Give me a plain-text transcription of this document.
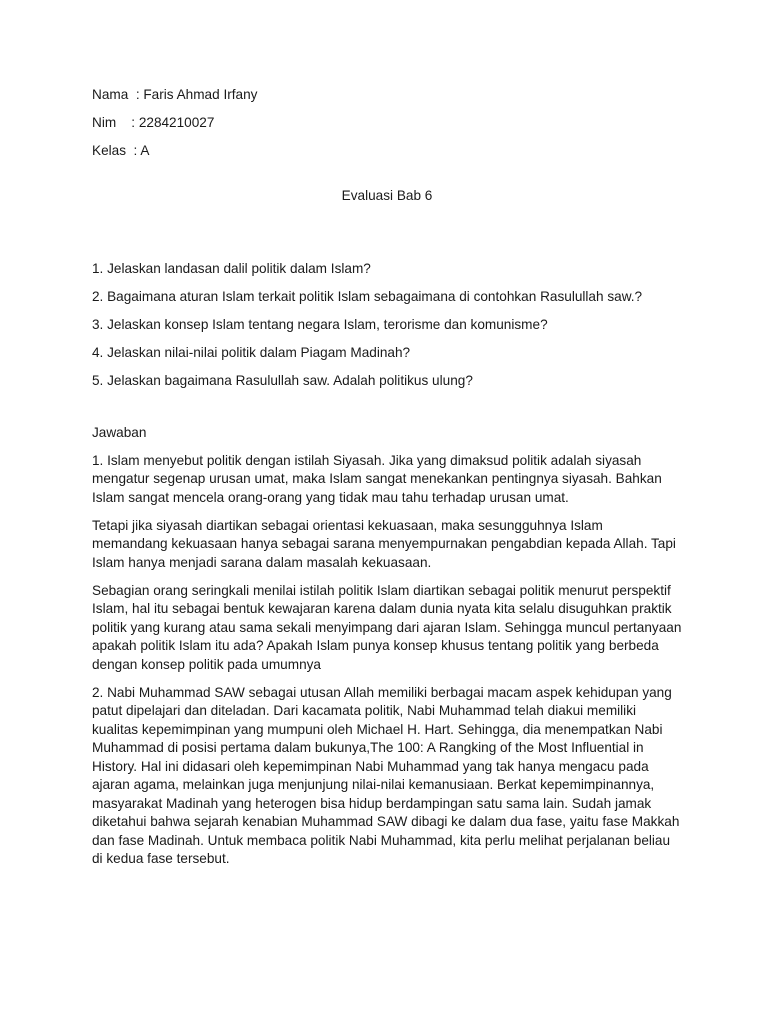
Nama  : Faris Ahmad Irfany
Nim    : 2284210027
Kelas  : A
Evaluasi Bab 6
1. Jelaskan landasan dalil politik dalam Islam?
2. Bagaimana aturan Islam terkait politik Islam sebagaimana di contohkan Rasulullah saw.?
3. Jelaskan konsep Islam tentang negara Islam, terorisme dan komunisme?
4. Jelaskan nilai-nilai politik dalam Piagam Madinah?
5. Jelaskan bagaimana Rasulullah saw. Adalah politikus ulung?
Jawaban

1. Islam menyebut politik dengan istilah Siyasah. Jika yang dimaksud politik adalah siyasah mengatur segenap urusan umat, maka Islam sangat menekankan pentingnya siyasah. Bahkan Islam sangat mencela orang-orang yang tidak mau tahu terhadap urusan umat.

Tetapi jika siyasah diartikan sebagai orientasi kekuasaan, maka sesungguhnya Islam memandang kekuasaan hanya sebagai sarana menyempurnakan pengabdian kepada Allah. Tapi Islam hanya menjadi sarana dalam masalah kekuasaan.

Sebagian orang seringkali menilai istilah politik Islam diartikan sebagai politik menurut perspektif Islam, hal itu sebagai bentuk kewajaran karena dalam dunia nyata kita selalu disuguhkan praktik politik yang kurang atau sama sekali menyimpang dari ajaran Islam. Sehingga muncul pertanyaan apakah politik Islam itu ada? Apakah Islam punya konsep khusus tentang politik yang berbeda dengan konsep politik pada umumnya

2. Nabi Muhammad SAW sebagai utusan Allah memiliki berbagai macam aspek kehidupan yang patut dipelajari dan diteladan. Dari kacamata politik, Nabi Muhammad telah diakui memiliki kualitas kepemimpinan yang mumpuni oleh Michael H. Hart. Sehingga, dia menempatkan Nabi Muhammad di posisi pertama dalam bukunya,The 100: A Rangking of the Most Influential in History. Hal ini didasari oleh kepemimpinan Nabi Muhammad yang tak hanya mengacu pada ajaran agama, melainkan juga menjunjung nilai-nilai kemanusiaan. Berkat kepemimpinannya, masyarakat Madinah yang heterogen bisa hidup berdampingan satu sama lain. Sudah jamak diketahui bahwa sejarah kenabian Muhammad SAW dibagi ke dalam dua fase, yaitu fase Makkah dan fase Madinah. Untuk membaca politik Nabi Muhammad, kita perlu melihat perjalanan beliau di kedua fase tersebut.
